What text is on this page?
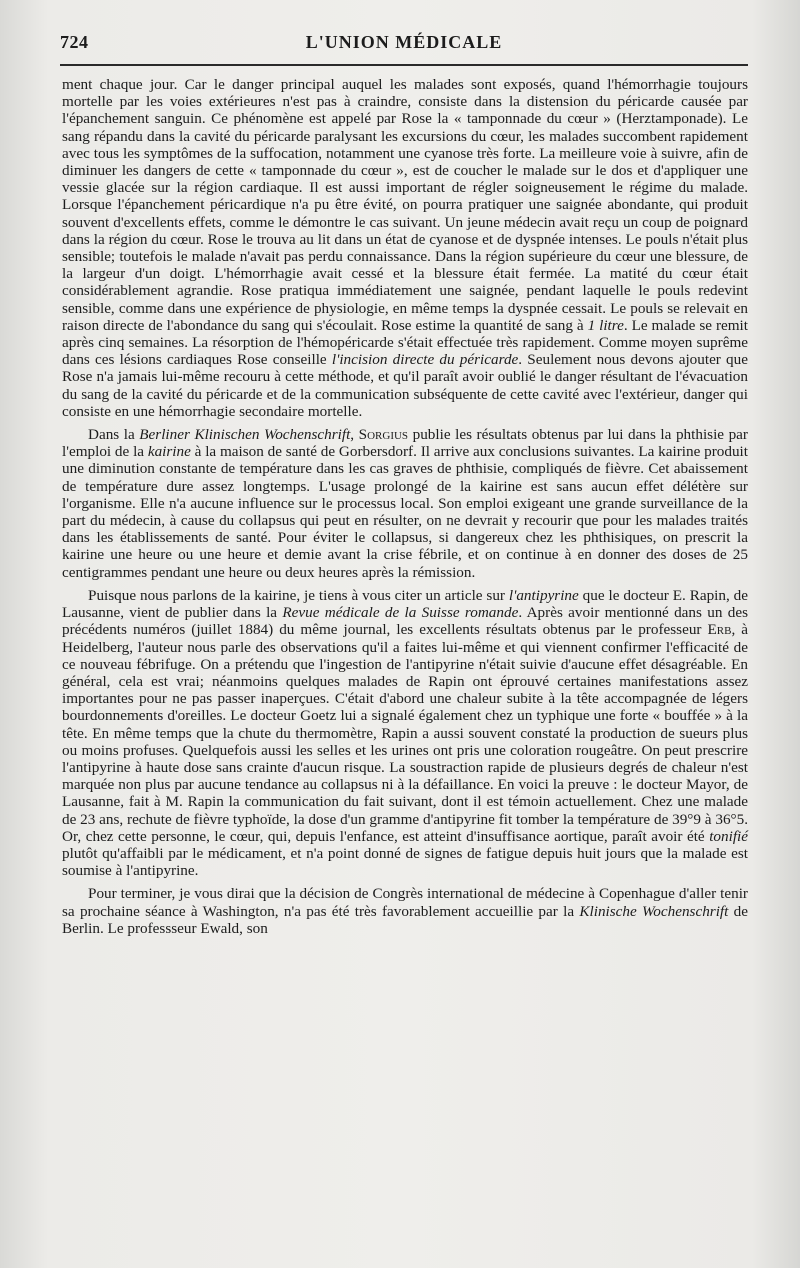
724	L'UNION MÉDICALE

ment chaque jour. Car le danger principal auquel les malades sont exposés, quand l'hémorrhagie toujours mortelle par les voies extérieures n'est pas à craindre, consiste dans la distension du péricarde causée par l'épanchement sanguin. Ce phénomène est appelé par Rose la « tamponnade du cœur » (Herztamponade). Le sang répandu dans la cavité du péricarde paralysant les excursions du cœur, les malades succombent rapidement avec tous les symptômes de la suffocation, notamment une cyanose très forte. La meilleure voie à suivre, afin de diminuer les dangers de cette « tamponnade du cœur », est de coucher le malade sur le dos et d'appliquer une vessie glacée sur la région cardiaque. Il est aussi important de régler soigneusement le régime du malade. Lorsque l'épanchement péricardique n'a pu être évité, on pourra pratiquer une saignée abondante, qui produit souvent d'excellents effets, comme le démontre le cas suivant. Un jeune médecin avait reçu un coup de poignard dans la région du cœur. Rose le trouva au lit dans un état de cyanose et de dyspnée intenses. Le pouls n'était plus sensible; toutefois le malade n'avait pas perdu connaissance. Dans la région supérieure du cœur une blessure, de la largeur d'un doigt. L'hémorrhagie avait cessé et la blessure était fermée. La matité du cœur était considérablement agrandie. Rose pratiqua immédiatement une saignée, pendant laquelle le pouls redevint sensible, comme dans une expérience de physiologie, en même temps la dyspnée cessait. Le pouls se relevait en raison directe de l'abondance du sang qui s'écoulait. Rose estime la quantité de sang à 1 litre. Le malade se remit après cinq semaines. La résorption de l'hémopéricarde s'était effectuée très rapidement. Comme moyen suprême dans ces lésions cardiaques Rose conseille l'incision directe du péricarde. Seulement nous devons ajouter que Rose n'a jamais lui-même recouru à cette méthode, et qu'il paraît avoir oublié le danger résultant de l'évacuation du sang de la cavité du péricarde et de la communication subséquente de cette cavité avec l'extérieur, danger qui consiste en une hémorrhagie secondaire mortelle.

Dans la Berliner Klinischen Wochenschrift, Sorgius publie les résultats obtenus par lui dans la phthisie par l'emploi de la kairine à la maison de santé de Gorbersdorf. Il arrive aux conclusions suivantes. La kairine produit une diminution constante de température dans les cas graves de phthisie, compliqués de fièvre. Cet abaissement de température dure assez longtemps. L'usage prolongé de la kairine est sans aucun effet délétère sur l'organisme. Elle n'a aucune influence sur le processus local. Son emploi exigeant une grande surveillance de la part du médecin, à cause du collapsus qui peut en résulter, on ne devrait y recourir que pour les malades traités dans les établissements de santé. Pour éviter le collapsus, si dangereux chez les phthisiques, on prescrit la kairine une heure ou une heure et demie avant la crise fébrile, et on continue à en donner des doses de 25 centigrammes pendant une heure ou deux heures après la rémission.

Puisque nous parlons de la kairine, je tiens à vous citer un article sur l'antipyrine que le docteur E. Rapin, de Lausanne, vient de publier dans la Revue médicale de la Suisse romande. Après avoir mentionné dans un des précédents numéros (juillet 1884) du même journal, les excellents résultats obtenus par le professeur Erb, à Heidelberg, l'auteur nous parle des observations qu'il a faites lui-même et qui viennent confirmer l'efficacité de ce nouveau fébrifuge. On a prétendu que l'ingestion de l'antipyrine n'était suivie d'aucune effet désagréable. En général, cela est vrai; néanmoins quelques malades de Rapin ont éprouvé certaines manifestations assez importantes pour ne pas passer inaperçues. C'était d'abord une chaleur subite à la tête accompagnée de légers bourdonnements d'oreilles. Le docteur Goetz lui a signalé également chez un typhique une forte « bouffée » à la tête. En même temps que la chute du thermomètre, Rapin a aussi souvent constaté la production de sueurs plus ou moins profuses. Quelquefois aussi les selles et les urines ont pris une coloration rougeâtre. On peut prescrire l'antipyrine à haute dose sans crainte d'aucun risque. La soustraction rapide de plusieurs degrés de chaleur n'est marquée non plus par aucune tendance au collapsus ni à la défaillance. En voici la preuve : le docteur Mayor, de Lausanne, fait à M. Rapin la communication du fait suivant, dont il est témoin actuellement. Chez une malade de 23 ans, rechute de fièvre typhoïde, la dose d'un gramme d'antipyrine fit tomber la température de 39°9 à 36°5. Or, chez cette personne, le cœur, qui, depuis l'enfance, est atteint d'insuffisance aortique, paraît avoir été tonifié plutôt qu'affaibli par le médicament, et n'a point donné de signes de fatigue depuis huit jours que la malade est soumise à l'antipyrine.

Pour terminer, je vous dirai que la décision de Congrès international de médecine à Copenhague d'aller tenir sa prochaine séance à Washington, n'a pas été très favorablement accueillie par la Klinische Wochenschrift de Berlin. Le professseur Ewald, son
